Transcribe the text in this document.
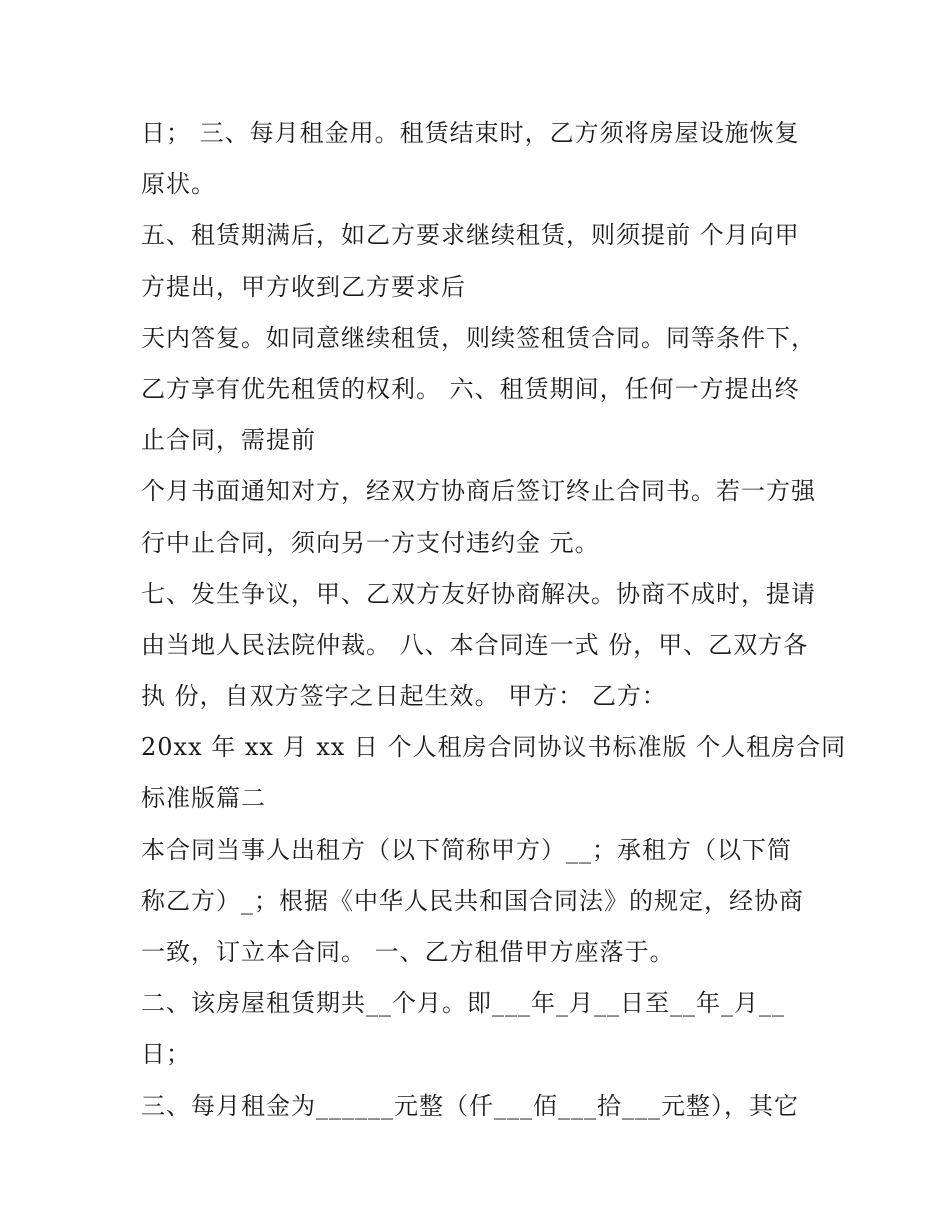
日； 三、每月租金用。租赁结束时，乙方须将房屋设施恢复
原状。
五、租赁期满后，如乙方要求继续租赁，则须提前 个月向甲
方提出，甲方收到乙方要求后
天内答复。如同意继续租赁，则续签租赁合同。同等条件下，
乙方享有优先租赁的权利。 六、租赁期间，任何一方提出终
止合同，需提前
个月书面通知对方，经双方协商后签订终止合同书。若一方强
行中止合同，须向另一方支付违约金 元。
七、发生争议，甲、乙双方友好协商解决。协商不成时，提请
由当地人民法院仲裁。 八、本合同连一式 份，甲、乙双方各
执 份，自双方签字之日起生效。 甲方： 乙方：
20xx 年 xx 月 xx 日 个人租房合同协议书标准版 个人租房合同
标准版篇二
本合同当事人出租方（以下简称甲方）__；承租方（以下简
称乙方）_；根据《中华人民共和国合同法》的规定，经协商
一致，订立本合同。 一、乙方租借甲方座落于。
二、该房屋租赁期共__个月。即___年_月__日至__年_月__
日；
三、每月租金为______元整（仟___佰___拾___元整），其它
